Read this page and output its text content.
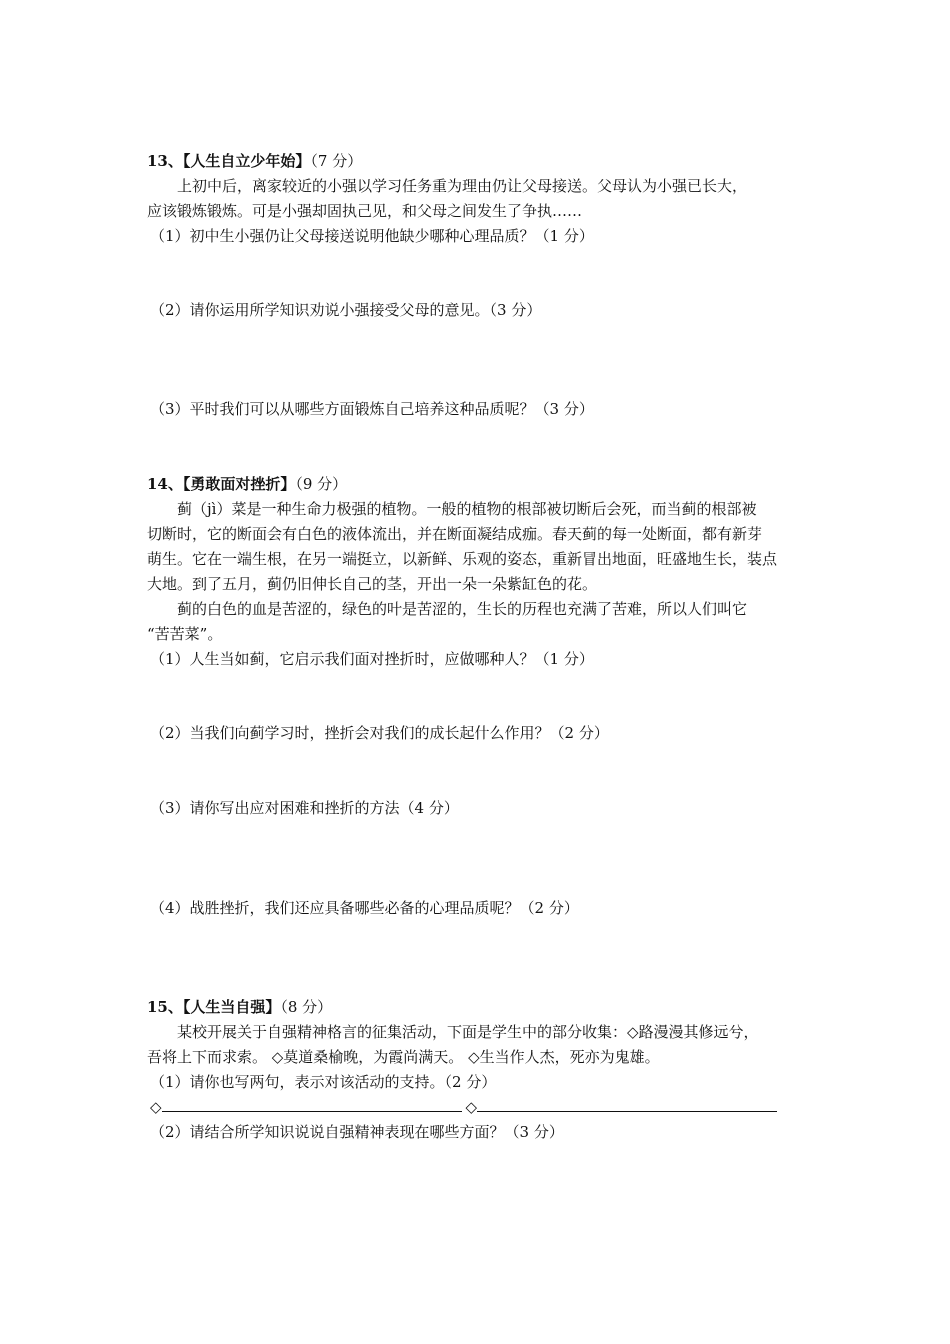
13、【人生自立少年始】（7 分）
上初中后，离家较近的小强以学习任务重为理由仍让父母接送。父母认为小强已长大，
应该锻炼锻炼。可是小强却固执己见，和父母之间发生了争执……
（1）初中生小强仍让父母接送说明他缺少哪种心理品质？（1 分）
（2）请你运用所学知识劝说小强接受父母的意见。（3 分）
（3）平时我们可以从哪些方面锻炼自己培养这种品质呢？（3 分）
14、【勇敢面对挫折】（9 分）
蓟（jì）菜是一种生命力极强的植物。一般的植物的根部被切断后会死，而当蓟的根部被
切断时，它的断面会有白色的液体流出，并在断面凝结成痂。春天蓟的每一处断面，都有新芽
萌生。它在一端生根，在另一端挺立，以新鲜、乐观的姿态，重新冒出地面，旺盛地生长，装点
大地。到了五月，蓟仍旧伸长自己的茎，开出一朵一朵紫缸色的花。
蓟的白色的血是苦涩的，绿色的叶是苦涩的，生长的历程也充满了苦难，所以人们叫它
“苦苦菜”。
（1）人生当如蓟，它启示我们面对挫折时，应做哪种人？（1 分）
（2）当我们向蓟学习时，挫折会对我们的成长起什么作用？（2 分）
（3）请你写出应对困难和挫折的方法（4 分）
（4）战胜挫折，我们还应具备哪些必备的心理品质呢？（2 分）
15、【人生当自强】（8 分）
某校开展关于自强精神格言的征集活动，下面是学生中的部分收集：◇路漫漫其修远兮，
吾将上下而求索。 ◇莫道桑榆晚，为霞尚满天。 ◇生当作人杰，死亦为鬼雄。
（1）请你也写两句，表示对该活动的支持。（2 分）
◇	◇
（2）请结合所学知识说说自强精神表现在哪些方面？（3 分）
